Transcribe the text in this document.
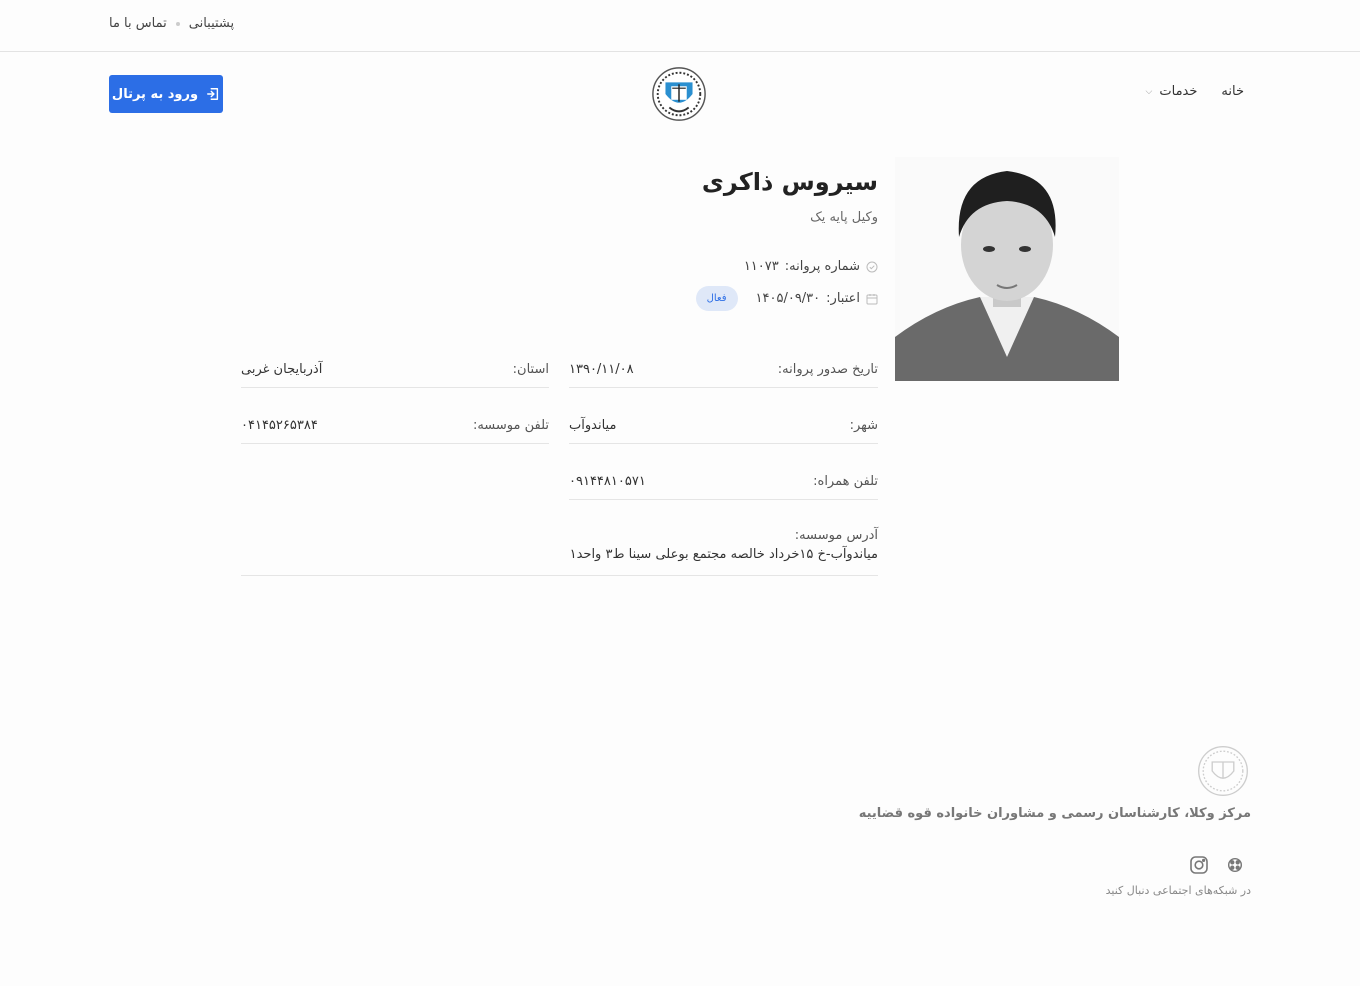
پشتیبانی
تماس با ما
ورود به پرتال	خانه
خدمات
⌵
سیروس ذاکری
وکیل پایه یک
شماره پروانه:
۱۱۰۷۳
اعتبار:
۱۴۰۵/۰۹/۳۰
فعال
تاریخ صدور پروانه:
۱۳۹۰/۱۱/۰۸
استان:
آذربایجان غربی
شهر:
میاندوآب
تلفن موسسه:
۰۴۱۴۵۲۶۵۳۸۴
تلفن همراه:
۰۹۱۴۴۸۱۰۵۷۱
آدرس موسسه:
میاندوآب-خ ۱۵خرداد خالصه مجتمع بوعلی سینا ط۳ واحد۱
مرکز وکلا، کارشناسان رسمی و مشاوران خانواده قوه قضاییه
در شبکه‌های اجتماعی دنبال کنید
